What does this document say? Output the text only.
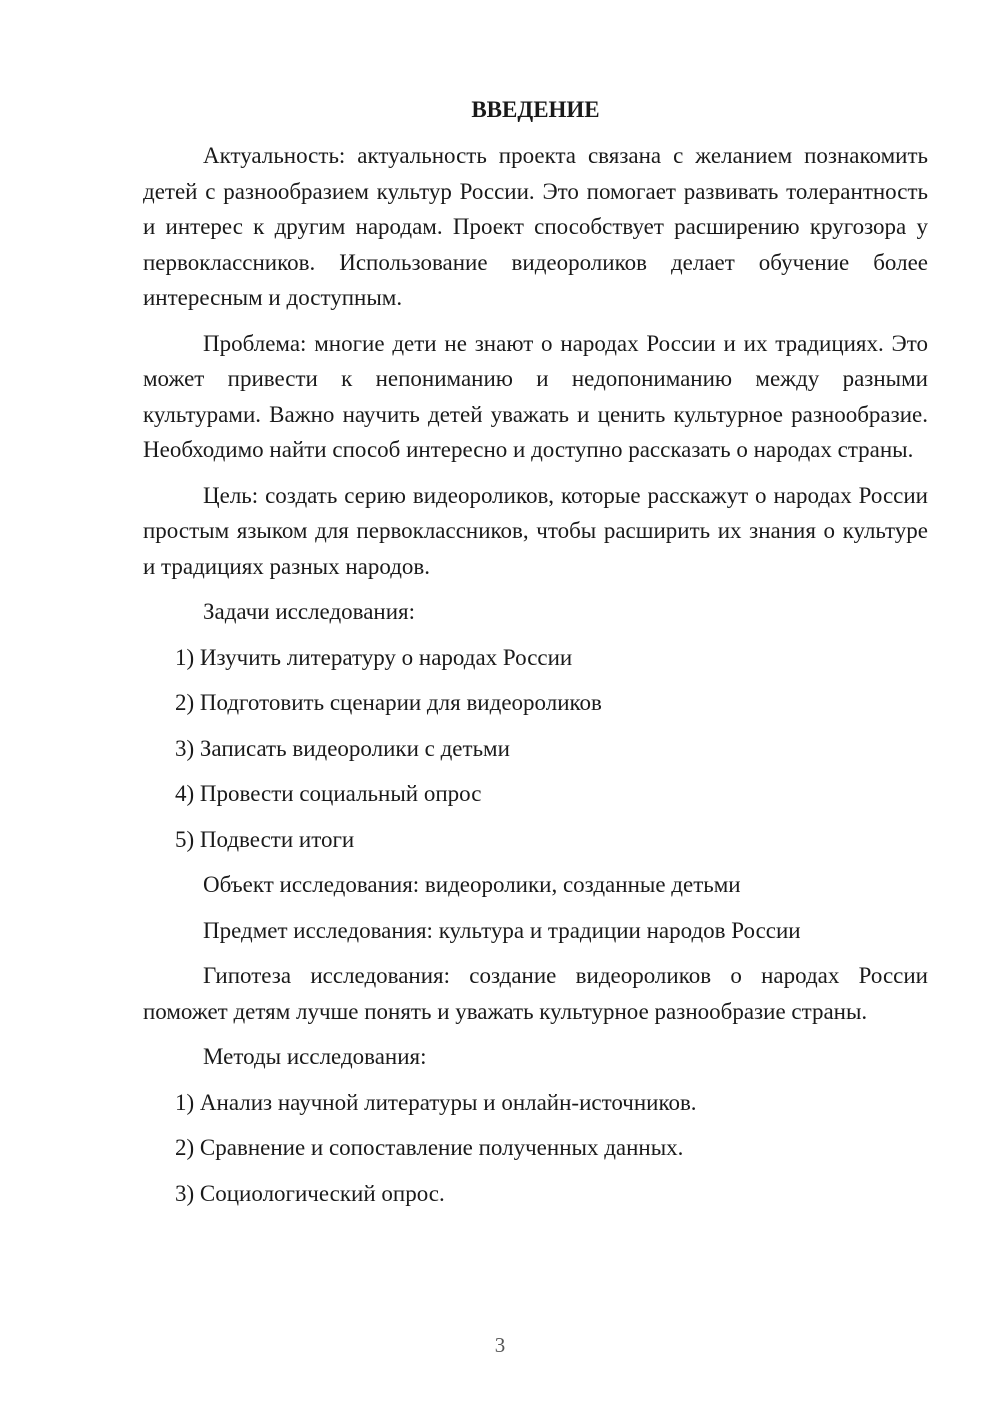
ВВЕДЕНИЕ

Актуальность: актуальность проекта связана с желанием познакомить детей с разнообразием культур России. Это помогает развивать толерантность и интерес к другим народам. Проект способствует расширению кругозора у первоклассников. Использование видеороликов делает обучение более интересным и доступным.

Проблема: многие дети не знают о народах России и их традициях. Это может привести к непониманию и недопониманию между разными культурами. Важно научить детей уважать и ценить культурное разнообразие. Необходимо найти способ интересно и доступно рассказать о народах страны.

Цель: создать серию видеороликов, которые расскажут о народах России простым языком для первоклассников, чтобы расширить их знания о культуре и традициях разных народов.

Задачи исследования:

1) Изучить литературу о народах России

2) Подготовить сценарии для видеороликов

3) Записать видеоролики с детьми

4) Провести социальный опрос

5) Подвести итоги

Объект исследования: видеоролики, созданные детьми

Предмет исследования: культура и традиции народов России

Гипотеза исследования: создание видеороликов о народах России поможет детям лучше понять и уважать культурное разнообразие страны.

Методы исследования:

1) Анализ научной литературы и онлайн-источников.

2) Сравнение и сопоставление полученных данных.

3) Социологический опрос.

3
